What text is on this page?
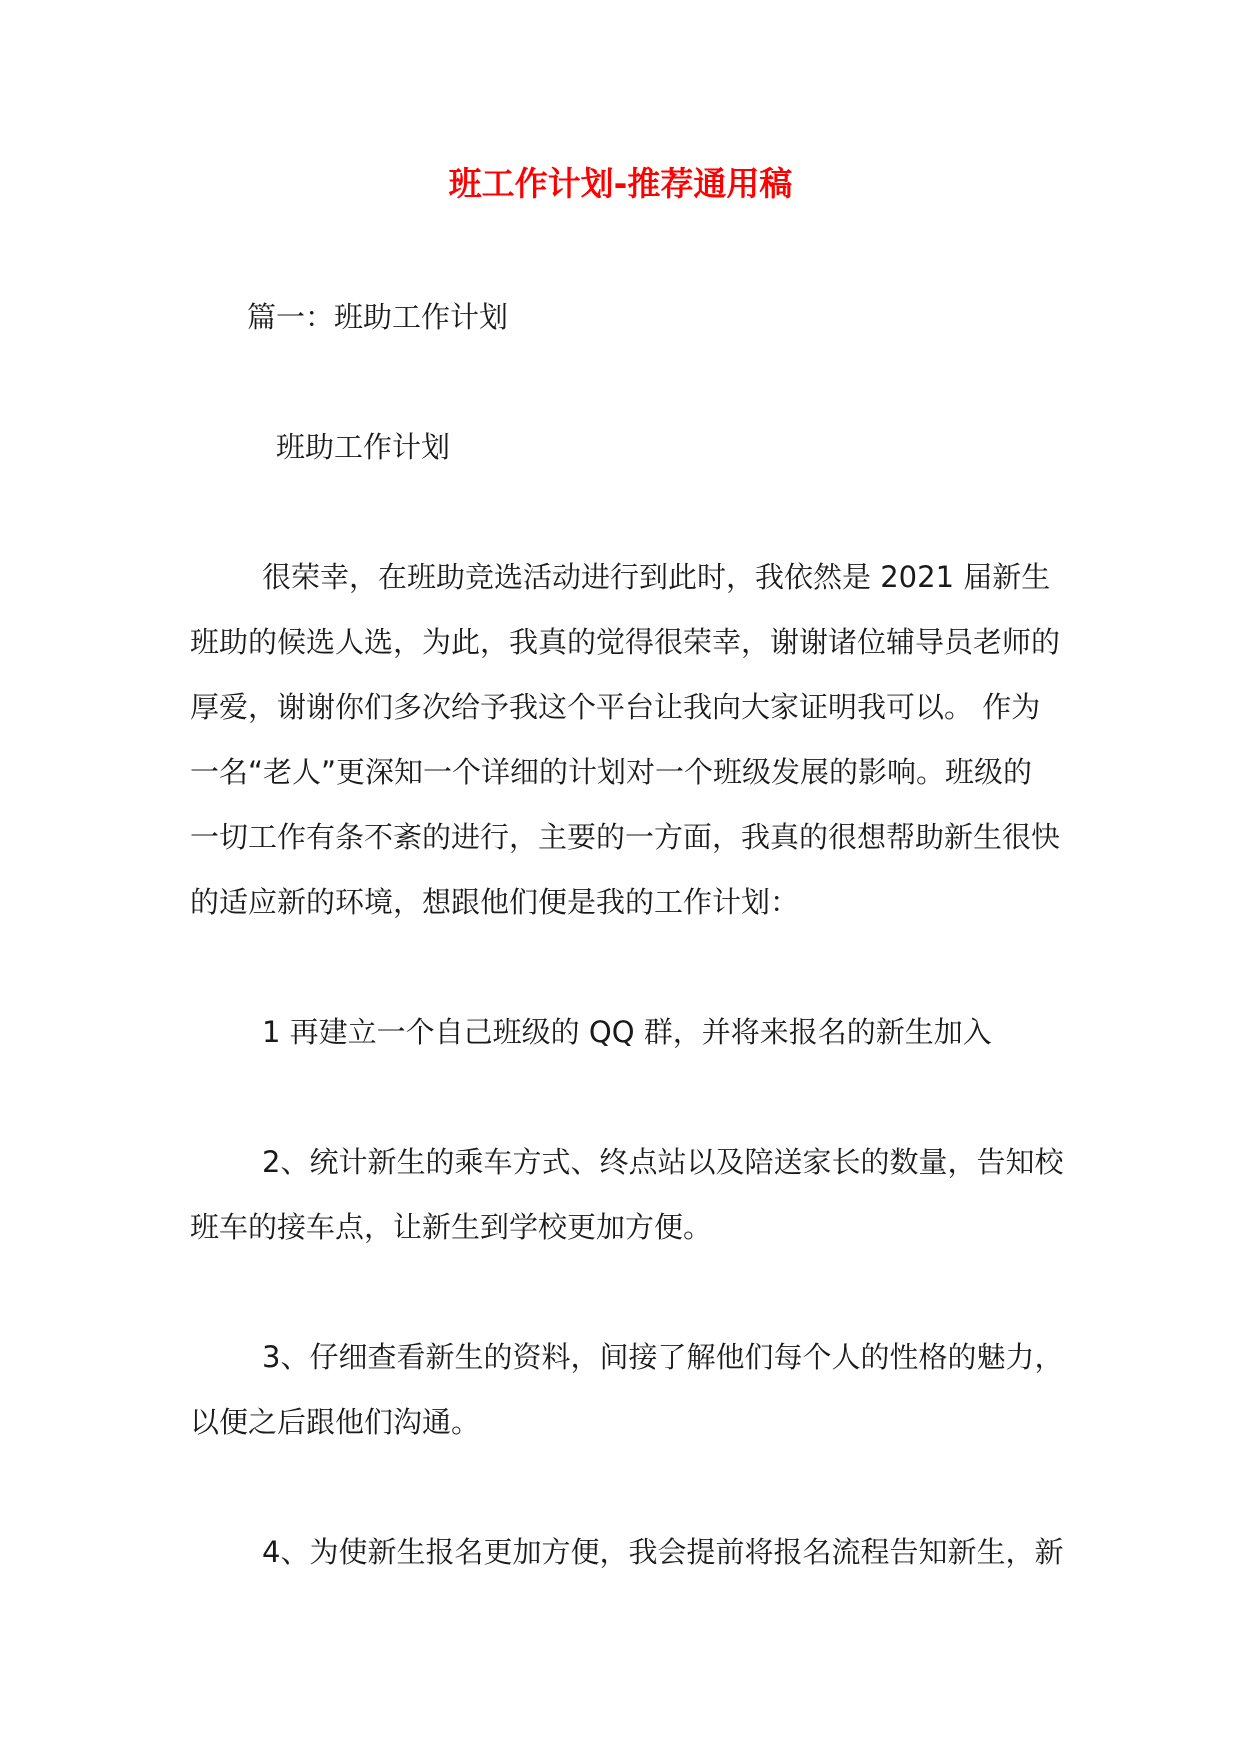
班工作计划-推荐通用稿

篇一：班助工作计划

班助工作计划

很荣幸，在班助竞选活动进行到此时，我依然是 2021 届新生

班助的候选人选，为此，我真的觉得很荣幸，谢谢诸位辅导员老师的

厚爱，谢谢你们多次给予我这个平台让我向大家证明我可以。 作为

一名“老人”更深知一个详细的计划对一个班级发展的影响。班级的

一切工作有条不紊的进行，主要的一方面，我真的很想帮助新生很快

的适应新的环境，想跟他们便是我的工作计划：

1 再建立一个自己班级的 QQ 群，并将来报名的新生加入

2、统计新生的乘车方式、终点站以及陪送家长的数量，告知校

班车的接车点，让新生到学校更加方便。

3、仔细查看新生的资料，间接了解他们每个人的性格的魅力，

以便之后跟他们沟通。

4、为使新生报名更加方便，我会提前将报名流程告知新生，新
